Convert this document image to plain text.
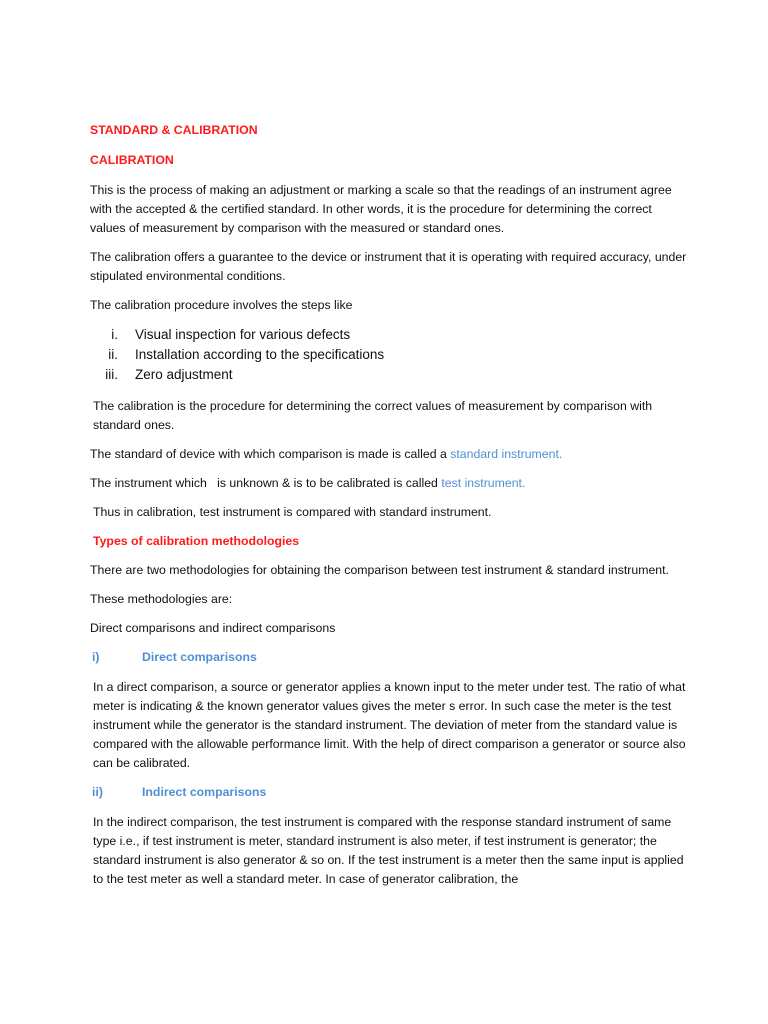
STANDARD & CALIBRATION

CALIBRATION

This is the process of making an adjustment or marking a scale so that the readings of an instrument agree with the accepted & the certified standard. In other words, it is the procedure for determining the correct values of measurement by comparison with the measured or standard ones.

The calibration offers a guarantee to the device or instrument that it is operating with required accuracy, under stipulated environmental conditions.

The calibration procedure involves the steps like

i. Visual inspection for various defects
ii. Installation according to the specifications
iii. Zero adjustment

The calibration is the procedure for determining the correct values of measurement by comparison with standard ones.

The standard of device with which comparison is made is called a standard instrument.

The instrument which   is unknown & is to be calibrated is called test instrument.

Thus in calibration, test instrument is compared with standard instrument.

Types of calibration methodologies

There are two methodologies for obtaining the comparison between test instrument & standard instrument.

These methodologies are:

Direct comparisons and indirect comparisons

i)	Direct comparisons

In a direct comparison, a source or generator applies a known input to the meter under test. The ratio of what meter is indicating & the known generator values gives the meter s error. In such case the meter is the test instrument while the generator is the standard instrument. The deviation of meter from the standard value is compared with the allowable performance limit. With the help of direct comparison a generator or source also can be calibrated.

ii)	Indirect comparisons

In the indirect comparison, the test instrument is compared with the response standard instrument of same type i.e., if test instrument is meter, standard instrument is also meter, if test instrument is generator; the standard instrument is also generator & so on. If the test instrument is a meter then the same input is applied to the test meter as well a standard meter. In case of generator calibration, the
